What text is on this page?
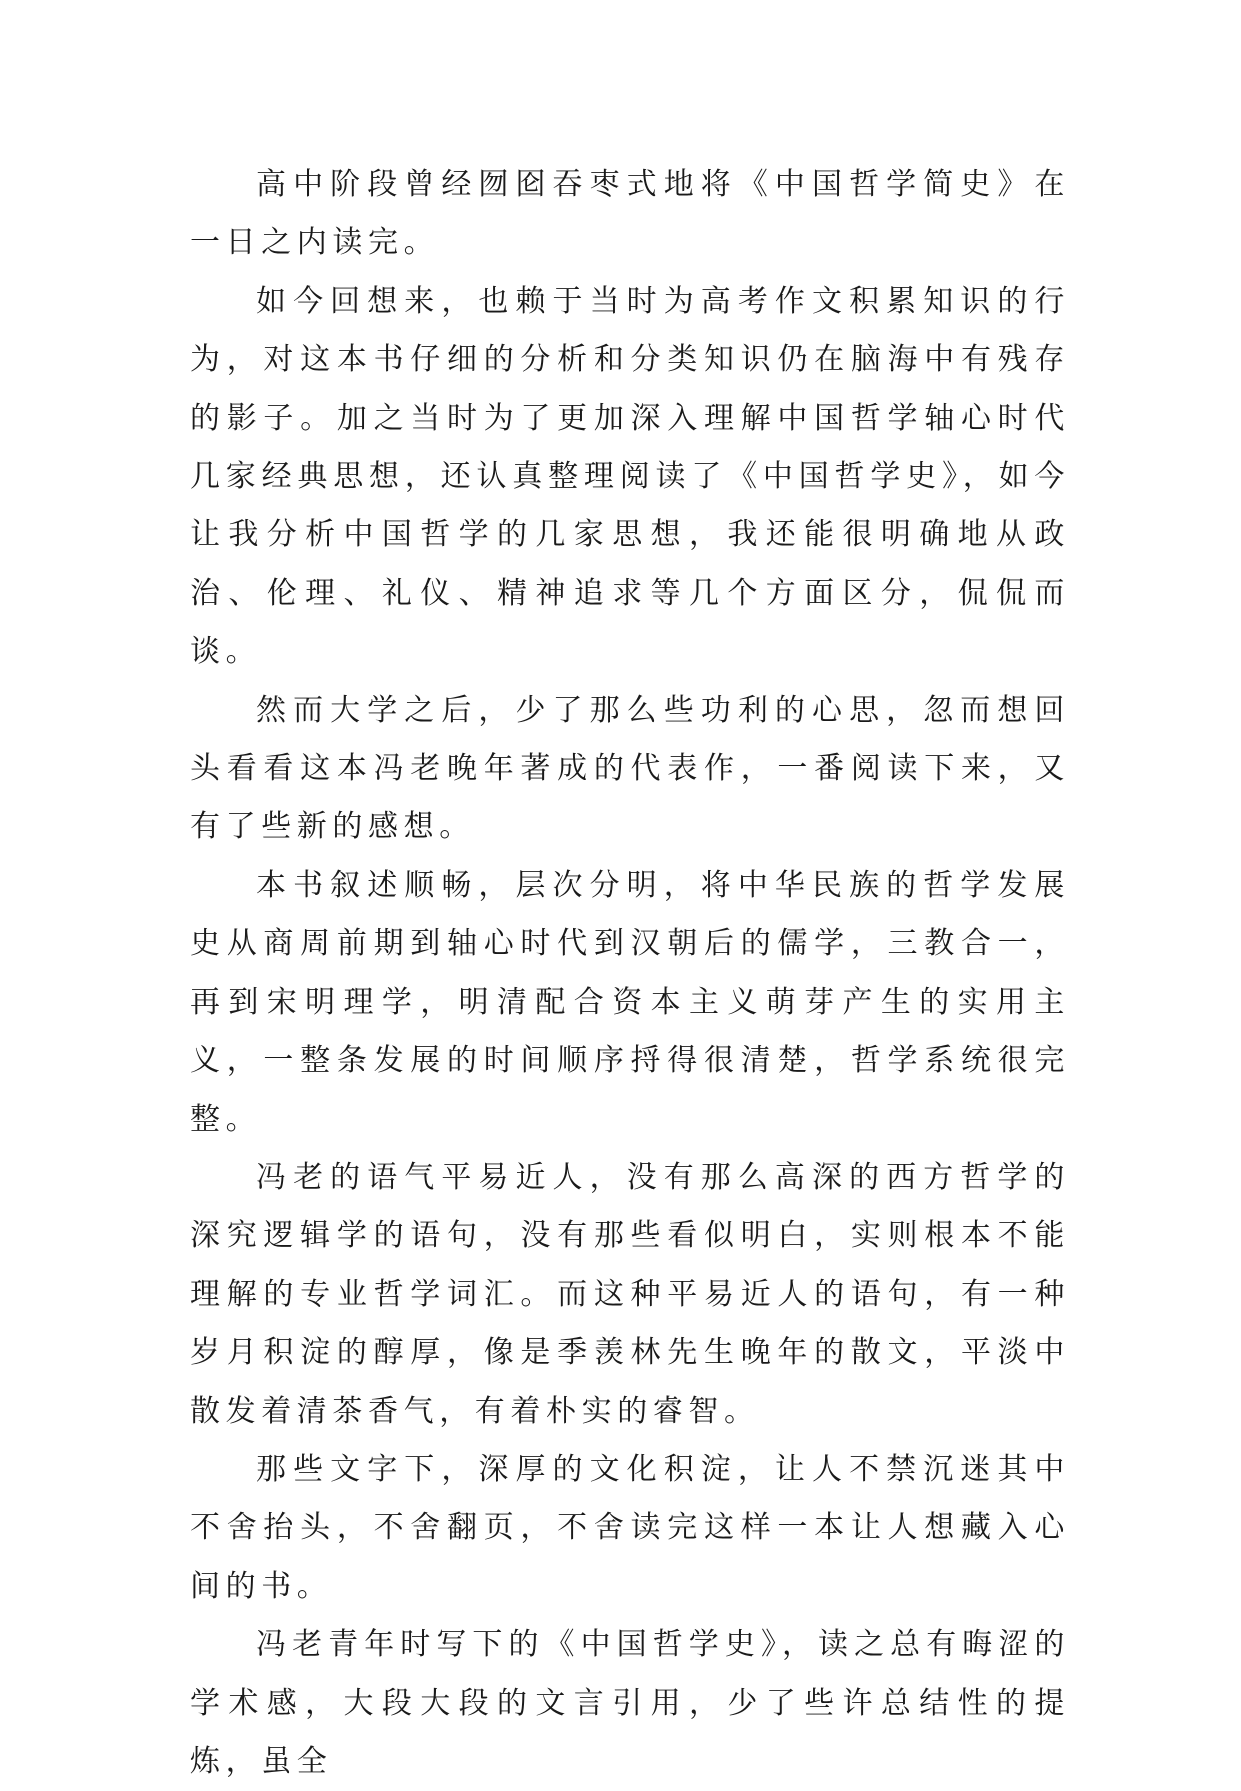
高中阶段曾经囫囵吞枣式地将《中国哲学简史》在一日之内读完。

如今回想来，也赖于当时为高考作文积累知识的行为，对这本书仔细的分析和分类知识仍在脑海中有残存的影子。加之当时为了更加深入理解中国哲学轴心时代几家经典思想，还认真整理阅读了《中国哲学史》，如今让我分析中国哲学的几家思想，我还能很明确地从政治、伦理、礼仪、精神追求等几个方面区分，侃侃而谈。

然而大学之后，少了那么些功利的心思，忽而想回头看看这本冯老晚年著成的代表作，一番阅读下来，又有了些新的感想。

本书叙述顺畅，层次分明，将中华民族的哲学发展史从商周前期到轴心时代到汉朝后的儒学，三教合一，再到宋明理学，明清配合资本主义萌芽产生的实用主义，一整条发展的时间顺序捋得很清楚，哲学系统很完整。

冯老的语气平易近人，没有那么高深的西方哲学的深究逻辑学的语句，没有那些看似明白，实则根本不能理解的专业哲学词汇。而这种平易近人的语句，有一种岁月积淀的醇厚，像是季羡林先生晚年的散文，平淡中散发着清茶香气，有着朴实的睿智。

那些文字下，深厚的文化积淀，让人不禁沉迷其中不舍抬头，不舍翻页，不舍读完这样一本让人想藏入心间的书。

冯老青年时写下的《中国哲学史》，读之总有晦涩的学术感，大段大段的文言引用，少了些许总结性的提炼，虽全
